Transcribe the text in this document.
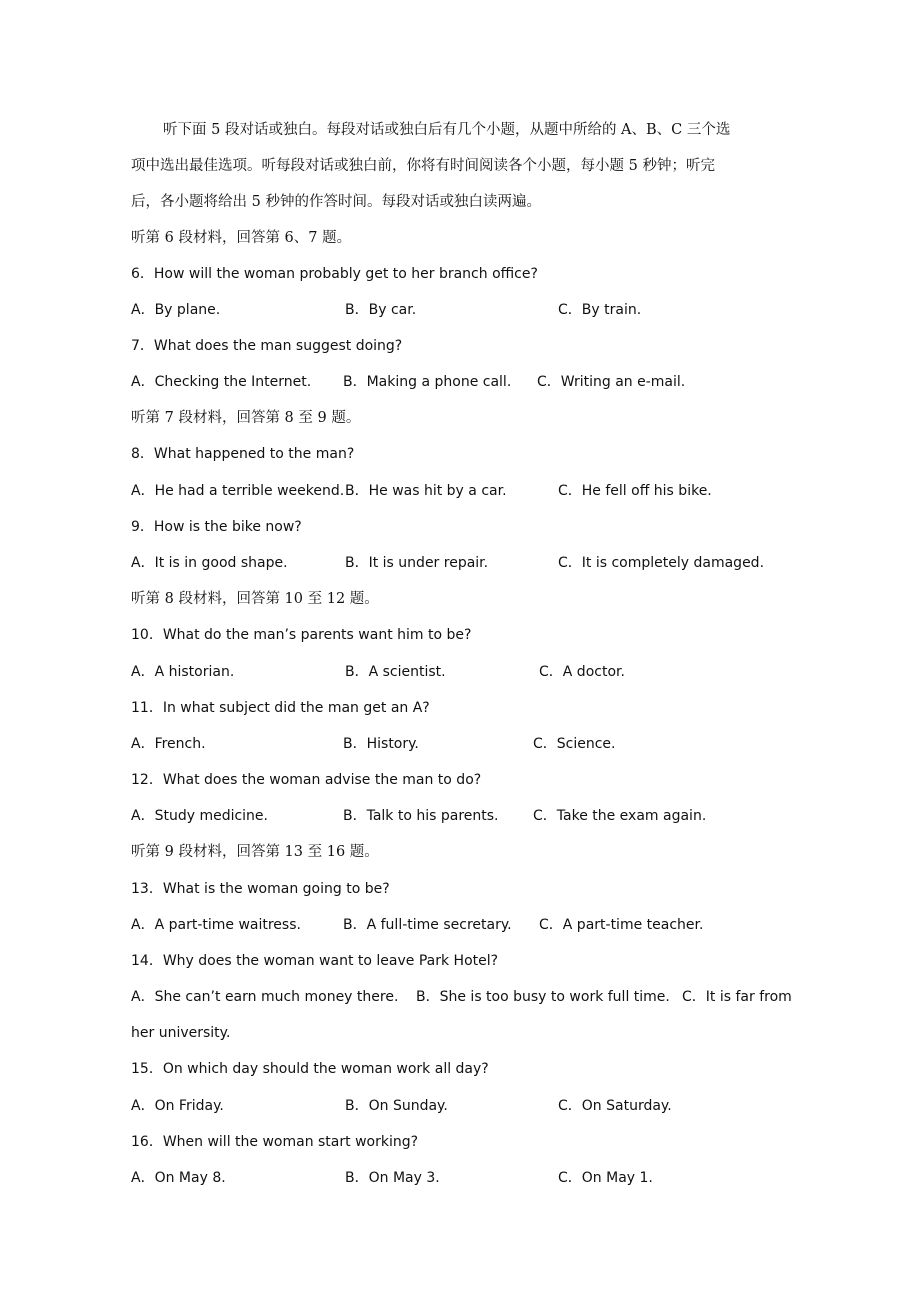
听下面 5 段对话或独白。每段对话或独白后有几个小题，从题中所给的 A、B、C 三个选
项中选出最佳选项。听每段对话或独白前，你将有时间阅读各个小题，每小题 5 秒钟；听完
后，各小题将给出 5 秒钟的作答时间。每段对话或独白读两遍。
听第 6 段材料，回答第 6、7 题。
6．How will the woman probably get to her branch office?
A．By plane.	B．By car.	C．By train.
7．What does the man suggest doing?
A．Checking the Internet. B．Making a phone call. C．Writing an e-mail.
听第 7 段材料，回答第 8 至 9 题。
8．What happened to the man?
A．He had a terrible weekend. B．He was hit by a car.	C．He fell off his bike.
9．How is the bike now?
A．It is in good shape.	B．It is under repair.	C．It is completely damaged.
听第 8 段材料，回答第 10 至 12 题。
10．What do the man’s parents want him to be?
A．A historian.	B．A scientist.	C．A doctor.
11．In what subject did the man get an A?
A．French.	B．History.	C．Science.
12．What does the woman advise the man to do?
A．Study medicine.	B．Talk to his parents. C．Take the exam again.
听第 9 段材料，回答第 13 至 16 题。
13．What is the woman going to be?
A．A part-time waitress.	B．A full-time secretary. C．A part-time teacher.
14．Why does the woman want to leave Park Hotel?
A．She can’t earn much money there. B．She is too busy to work full time. C．It is far from
her university.
15．On which day should the woman work all day?
A．On Friday.	B．On Sunday.	C．On Saturday.
16．When will the woman start working?
A．On May 8.	B．On May 3.	C．On May 1.
